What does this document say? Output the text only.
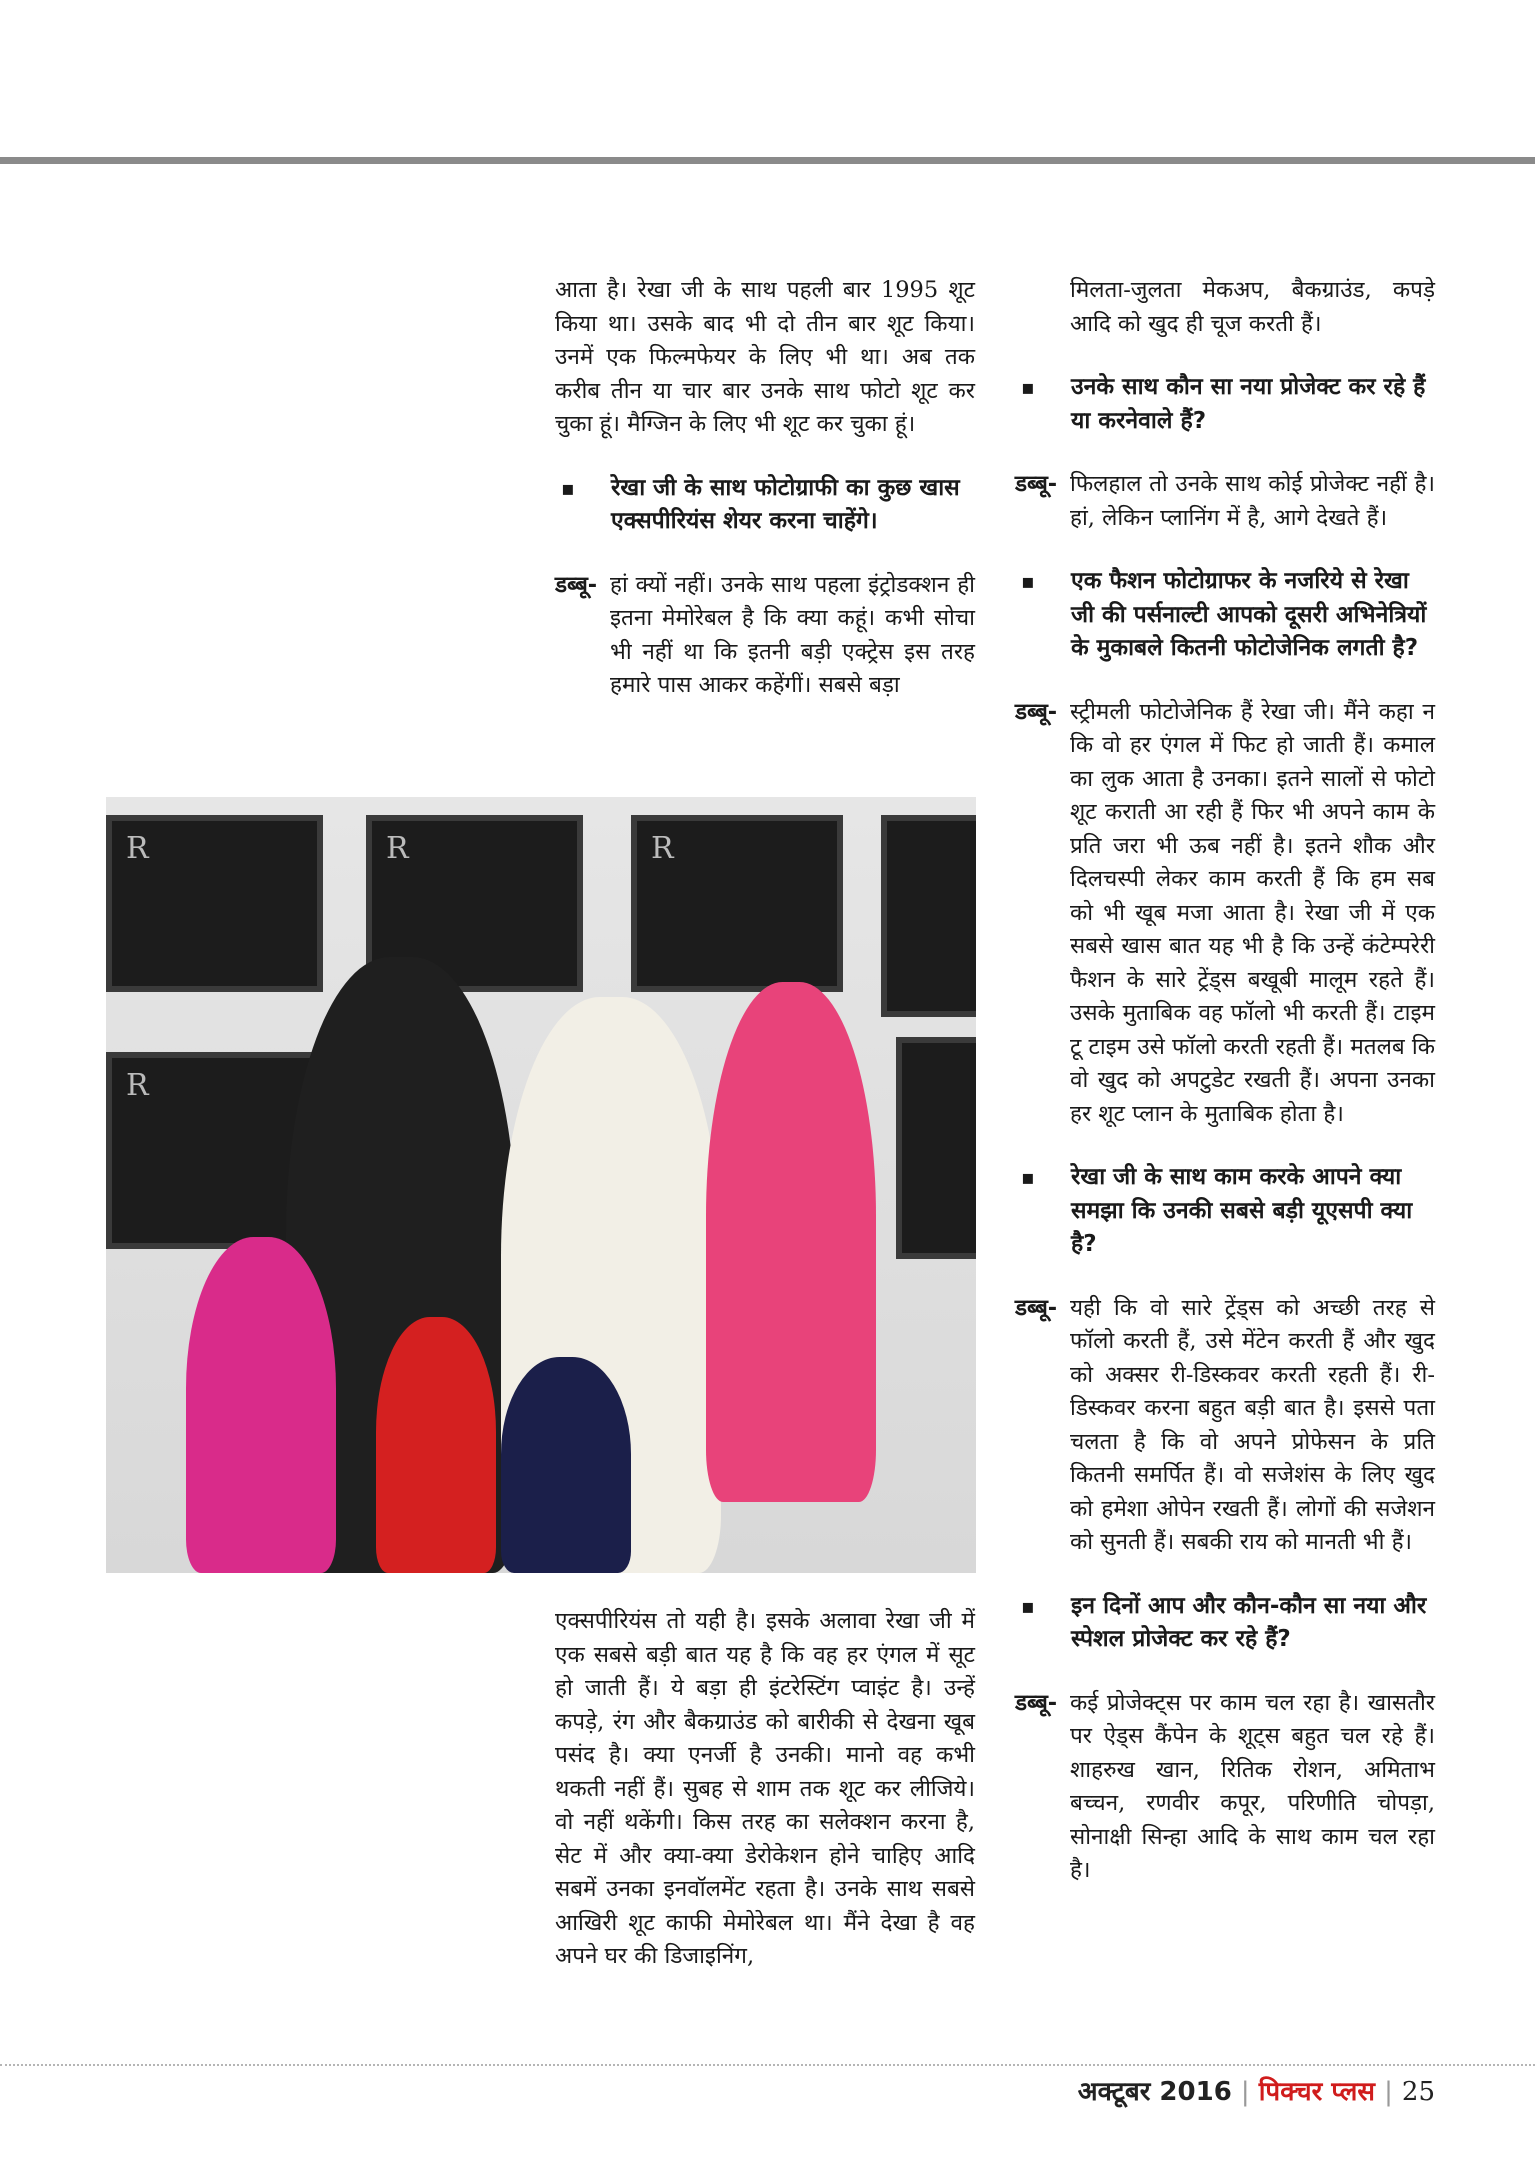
आता है। रेखा जी के साथ पहली बार 1995 शूट किया था। उसके बाद भी दो तीन बार शूट किया। उनमें एक फिल्मफेयर के लिए भी था। अब तक करीब तीन या चार बार उनके साथ फोटो शूट कर चुका हूं। मैग्जिन के लिए भी शूट कर चुका हूं।

▪ रेखा जी के साथ फोटोग्राफी का कुछ खास एक्सपीरियंस शेयर करना चाहेंगे।

डब्बू- हां क्यों नहीं। उनके साथ पहला इंट्रोडक्शन ही इतना मेमोरेबल है कि क्या कहूं। कभी सोचा भी नहीं था कि इतनी बड़ी एक्ट्रेस इस तरह हमारे पास आकर कहेंगीं। सबसे बड़ा

R	R	R
R

एक्सपीरियंस तो यही है। इसके अलावा रेखा जी में एक सबसे बड़ी बात यह है कि वह हर एंगल में सूट हो जाती हैं। ये बड़ा ही इंटरेस्टिंग प्वाइंट है। उन्हें कपड़े, रंग और बैकग्राउंड को बारीकी से देखना खूब पसंद है। क्या एनर्जी है उनकी। मानो वह कभी थकती नहीं हैं। सुबह से शाम तक शूट कर लीजिये। वो नहीं थकेंगी। किस तरह का सलेक्शन करना है, सेट में और क्या-क्या डेरोकेशन होने चाहिए आदि सबमें उनका इनवॉलमेंट रहता है। उनके साथ सबसे आखिरी शूट काफी मेमोरेबल था। मैंने देखा है वह अपने घर की डिजाइनिंग,

मिलता-जुलता मेकअप, बैकग्राउंड, कपड़े आदि को खुद ही चूज करती हैं।

▪ उनके साथ कौन सा नया प्रोजेक्ट कर रहे हैं या करनेवाले हैं?

डब्बू- फिलहाल तो उनके साथ कोई प्रोजेक्ट नहीं है। हां, लेकिन प्लानिंग में है, आगे देखते हैं।

▪ एक फैशन फोटोग्राफर के नजरिये से रेखा जी की पर्सनाल्टी आपको दूसरी अभिनेत्रियों के मुकाबले कितनी फोटोजेनिक लगती है?

डब्बू- स्ट्रीमली फोटोजेनिक हैं रेखा जी। मैंने कहा न कि वो हर एंगल में फिट हो जाती हैं। कमाल का लुक आता है उनका। इतने सालों से फोटो शूट कराती आ रही हैं फिर भी अपने काम के प्रति जरा भी ऊब नहीं है। इतने शौक और दिलचस्पी लेकर काम करती हैं कि हम सब को भी खूब मजा आता है। रेखा जी में एक सबसे खास बात यह भी है कि उन्हें कंटेम्परेरी फैशन के सारे ट्रेंड्स बखूबी मालूम रहते हैं। उसके मुताबिक वह फॉलो भी करती हैं। टाइम टू टाइम उसे फॉलो करती रहती हैं। मतलब कि वो खुद को अपटुडेट रखती हैं। अपना उनका हर शूट प्लान के मुताबिक होता है।

▪ रेखा जी के साथ काम करके आपने क्या समझा कि उनकी सबसे बड़ी यूएसपी क्या है?

डब्बू- यही कि वो सारे ट्रेंड्स को अच्छी तरह से फॉलो करती हैं, उसे मेंटेन करती हैं और खुद को अक्सर री-डिस्कवर करती रहती हैं। री-डिस्कवर करना बहुत बड़ी बात है। इससे पता चलता है कि वो अपने प्रोफेसन के प्रति कितनी समर्पित हैं। वो सजेशंस के लिए खुद को हमेशा ओपेन रखती हैं। लोगों की सजेशन को सुनती हैं। सबकी राय को मानती भी हैं।

▪ इन दिनों आप और कौन-कौन सा नया और स्पेशल प्रोजेक्ट कर रहे हैं?

डब्बू- कई प्रोजेक्ट्स पर काम चल रहा है। खासतौर पर ऐड्स कैंपेन के शूट्स बहुत चल रहे हैं। शाहरुख खान, रितिक रोशन, अमिताभ बच्चन, रणवीर कपूर, परिणीति चोपड़ा, सोनाक्षी सिन्हा आदि के साथ काम चल रहा है।

अक्टूबर 2016 | पिक्चर प्लस | 25
